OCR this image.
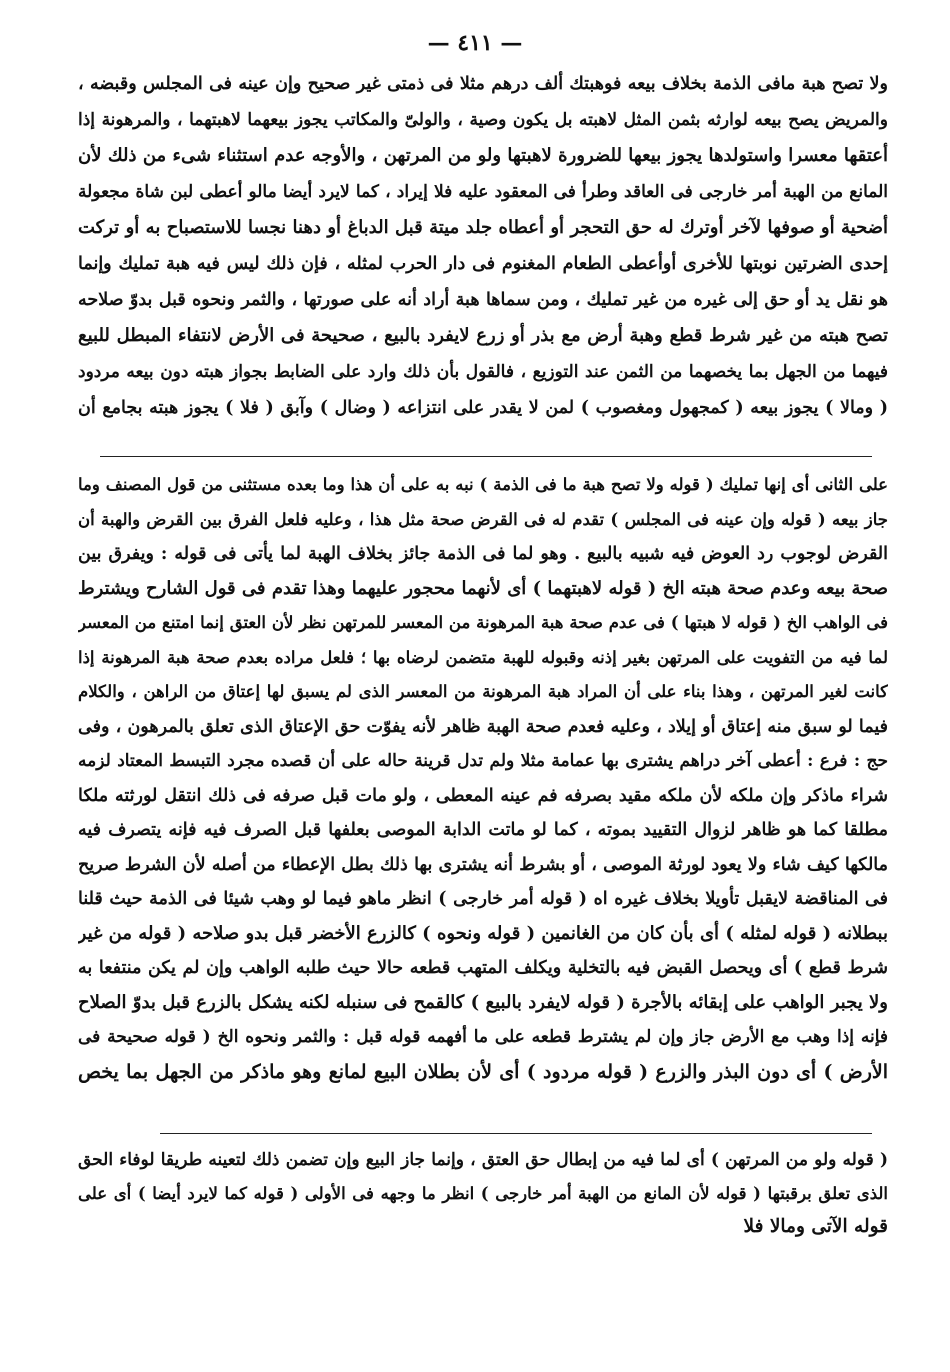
— ٤١١ —
ولا تصح هبة مافى الذمة بخلاف بيعه فوهبتك ألف درهم مثلا فى ذمتى غير صحيح وإن عينه فى المجلس وقبضه ،
والمريض يصح بيعه لوارثه بثمن المثل لاهبته بل يكون وصية ، والولىّ والمكاتب يجوز بيعهما لاهبتهما ، والمرهونة إذا
أعتقها معسرا واستولدها يجوز بيعها للضرورة لاهبتها ولو من المرتهن ، والأوجه عدم استثناء شىء من ذلك لأن
المانع من الهبة أمر خارجى فى العاقد وطرأ فى المعقود عليه فلا إيراد ، كما لايرد أيضا مالو أعطى لبن شاة مجعولة
أضحية أو صوفها لآخر أوترك له حق التحجر أو أعطاه جلد ميتة قبل الدباغ أو دهنا نجسا للاستصباح به أو تركت
إحدى الضرتين نوبتها للأخرى أوأعطى الطعام المغنوم فى دار الحرب لمثله ، فإن ذلك ليس فيه هبة تمليك وإنما
هو نقل يد أو حق إلى غيره من غير تمليك ، ومن سماها هبة أراد أنه على صورتها ، والثمر ونحوه قبل بدوّ صلاحه
تصح هبته من غير شرط قطع وهبة أرض مع بذر أو زرع لايفرد بالبيع ، صحيحة فى الأرض لانتفاء المبطل للبيع
فيهما من الجهل بما يخصهما من الثمن عند التوزيع ، فالقول بأن ذلك وارد على الضابط بجواز هبته دون بيعه مردود
( ومالا ) يجوز بيعه ( كمجهول ومغصوب ) لمن لا يقدر على انتزاعه ( وضال ) وآبق ( فلا ) يجوز هبته بجامع أن
على الثانى أى إنها تمليك ( قوله ولا تصح هبة ما فى الذمة ) نبه به على أن هذا وما بعده مستثنى من قول المصنف وما
جاز بيعه ( قوله وإن عينه فى المجلس ) تقدم له فى القرض صحة مثل هذا ، وعليه فلعل الفرق بين القرض والهبة أن
القرض لوجوب رد العوض فيه شبيه بالبيع . وهو لما فى الذمة جائز بخلاف الهبة لما يأتى فى قوله : ويفرق بين
صحة بيعه وعدم صحة هبته الخ ( قوله لاهبتهما ) أى لأنهما محجور عليهما وهذا تقدم فى قول الشارح ويشترط
فى الواهب الخ ( قوله لا هبتها ) فى عدم صحة هبة المرهونة من المعسر للمرتهن نظر لأن العتق إنما امتنع من المعسر
لما فيه من التفويت على المرتهن بغير إذنه وقبوله للهبة متضمن لرضاه بها ؛ فلعل مراده بعدم صحة هبة المرهونة إذا
كانت لغير المرتهن ، وهذا بناء على أن المراد هبة المرهونة من المعسر الذى لم يسبق لها إعتاق من الراهن ، والكلام
فيما لو سبق منه إعتاق أو إيلاد ، وعليه فعدم صحة الهبة ظاهر لأنه يفوّت حق الإعتاق الذى تعلق بالمرهون ، وفى
حج : فرع : أعطى آخر دراهم يشترى بها عمامة مثلا ولم تدل قرينة حاله على أن قصده مجرد التبسط المعتاد لزمه
شراء ماذكر وإن ملكه لأن ملكه مقيد بصرفه فم عينه المعطى ، ولو مات قبل صرفه فى ذلك انتقل لورثته ملكا
مطلقا كما هو ظاهر لزوال التقييد بموته ، كما لو ماتت الدابة الموصى بعلفها قبل الصرف فيه فإنه يتصرف فيه
مالكها كيف شاء ولا يعود لورثة الموصى ، أو بشرط أنه يشترى بها ذلك بطل الإعطاء من أصله لأن الشرط صريح
فى المناقضة لايقبل تأويلا بخلاف غيره اه ( قوله أمر خارجى ) انظر ماهو فيما لو وهب شيئا فى الذمة حيث قلنا
ببطلانه ( قوله لمثله ) أى بأن كان من الغانمين ( قوله ونحوه ) كالزرع الأخضر قبل بدو صلاحه ( قوله من غير
شرط قطع ) أى ويحصل القبض فيه بالتخلية ويكلف المتهب قطعه حالا حيث طلبه الواهب وإن لم يكن منتفعا به
ولا يجبر الواهب على إبقائه بالأجرة ( قوله لايفرد بالبيع ) كالقمح فى سنبله لكنه يشكل بالزرع قبل بدوّ الصلاح
فإنه إذا وهب مع الأرض جاز وإن لم يشترط قطعه على ما أفهمه قوله قبل : والثمر ونحوه الخ ( قوله صحيحة فى
الأرض ) أى دون البذر والزرع ( قوله مردود ) أى لأن بطلان البيع لمانع وهو ماذكر من الجهل بما يخص
( قوله ولو من المرتهن ) أى لما فيه من إبطال حق العتق ، وإنما جاز البيع وإن تضمن ذلك لتعينه طريقا لوفاء الحق
الذى تعلق برقبتها ( قوله لأن المانع من الهبة أمر خارجى ) انظر ما وجهه فى الأولى ( قوله كما لايرد أيضا ) أى على
قوله الآتى ومالا فلا
